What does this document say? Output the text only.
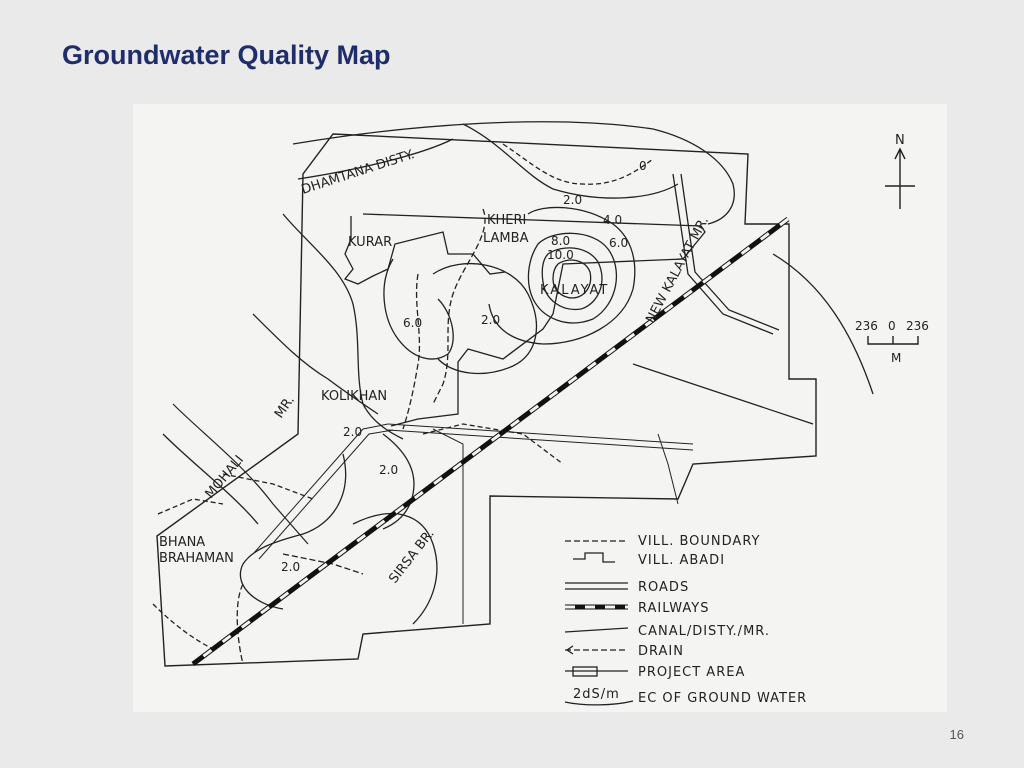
Groundwater Quality Map
DHAMTANA DISTY.
KURAR
KHERI
LAMBA
KALAYAT
KOLIKHAN
BHANA
BRAHAMAN
MOHALI
MR.
NEW KALAYAT MR.
SIRSA BR.
0
2.0
4.0
6.0
8.0
10.0
6.0	2.0
2.0
2.0
2.0
N
236 0 236
M
2dS/m
VILL. BOUNDARY
VILL. ABADI
ROADS
RAILWAYS
CANAL/DISTY./MR.
DRAIN
PROJECT AREA
EC OF GROUND WATER
16
